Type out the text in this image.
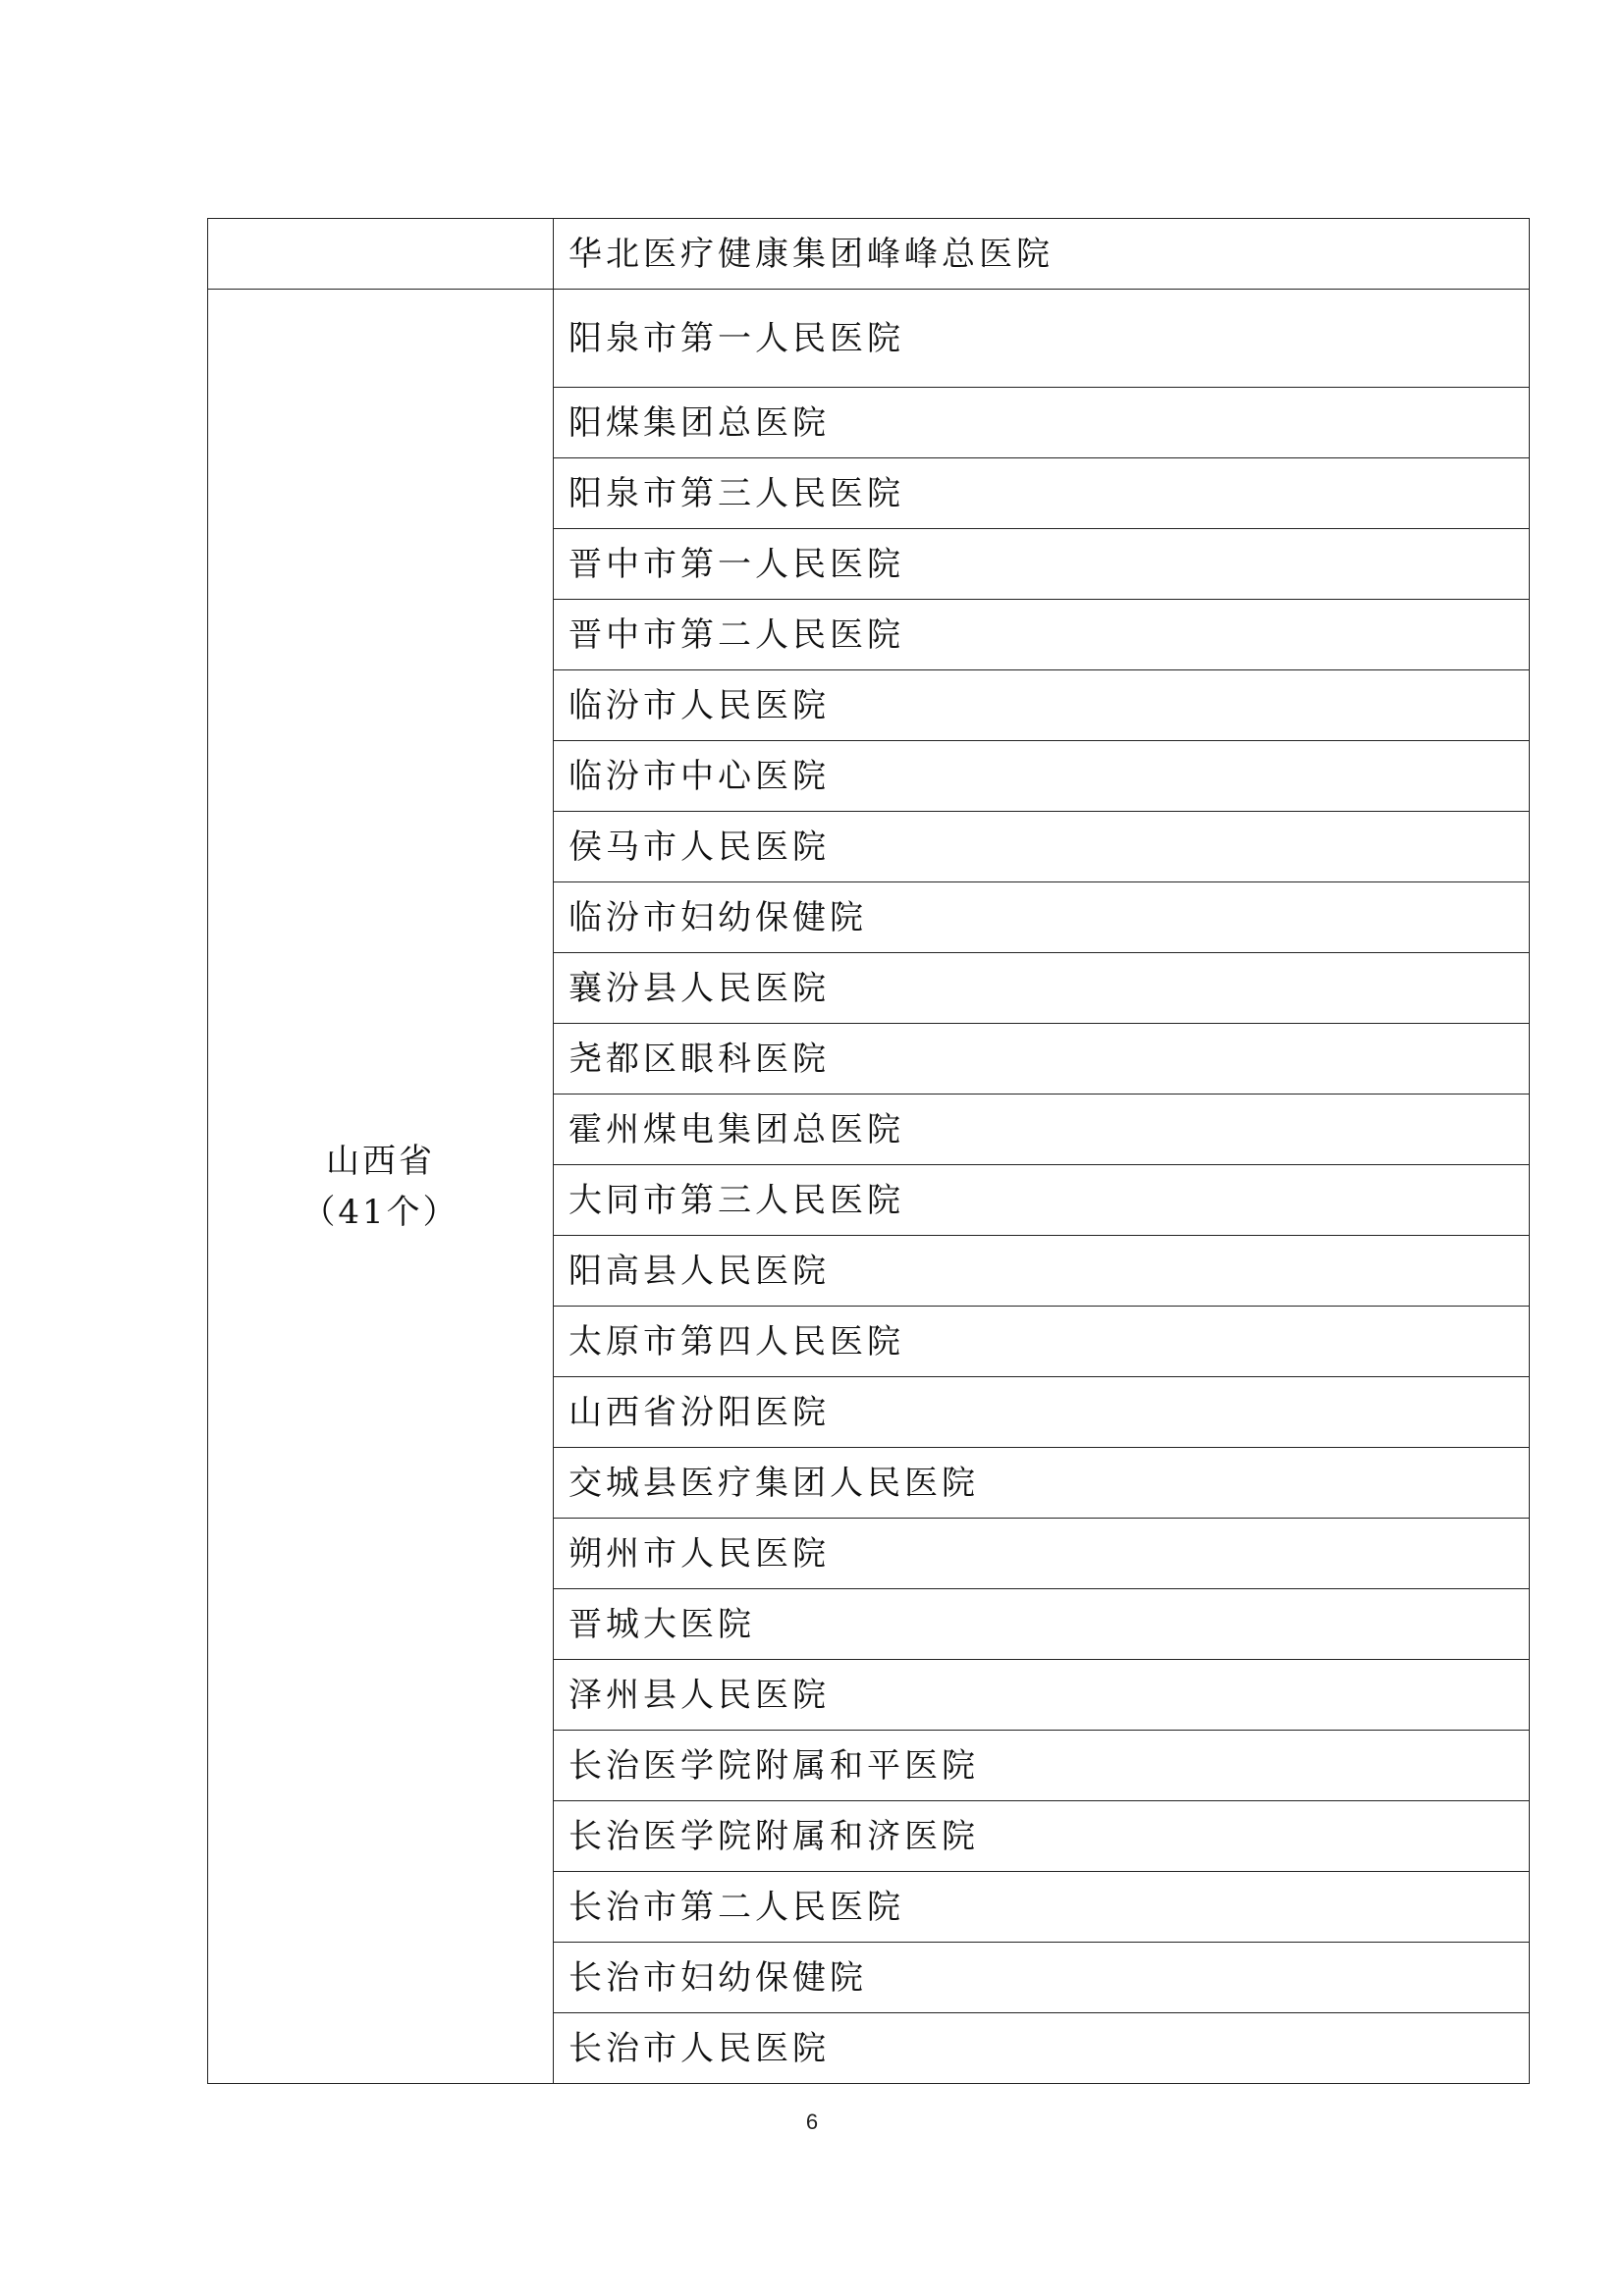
	华北医疗健康集团峰峰总医院

山西省
（41个）	阳泉市第一人民医院
	阳煤集团总医院
	阳泉市第三人民医院
	晋中市第一人民医院
	晋中市第二人民医院
	临汾市人民医院
	临汾市中心医院
	侯马市人民医院
	临汾市妇幼保健院
	襄汾县人民医院
	尧都区眼科医院
	霍州煤电集团总医院
	大同市第三人民医院
	阳高县人民医院
	太原市第四人民医院
	山西省汾阳医院
	交城县医疗集团人民医院
	朔州市人民医院
	晋城大医院
	泽州县人民医院
	长治医学院附属和平医院
	长治医学院附属和济医院
	长治市第二人民医院
	长治市妇幼保健院
	长治市人民医院
6
